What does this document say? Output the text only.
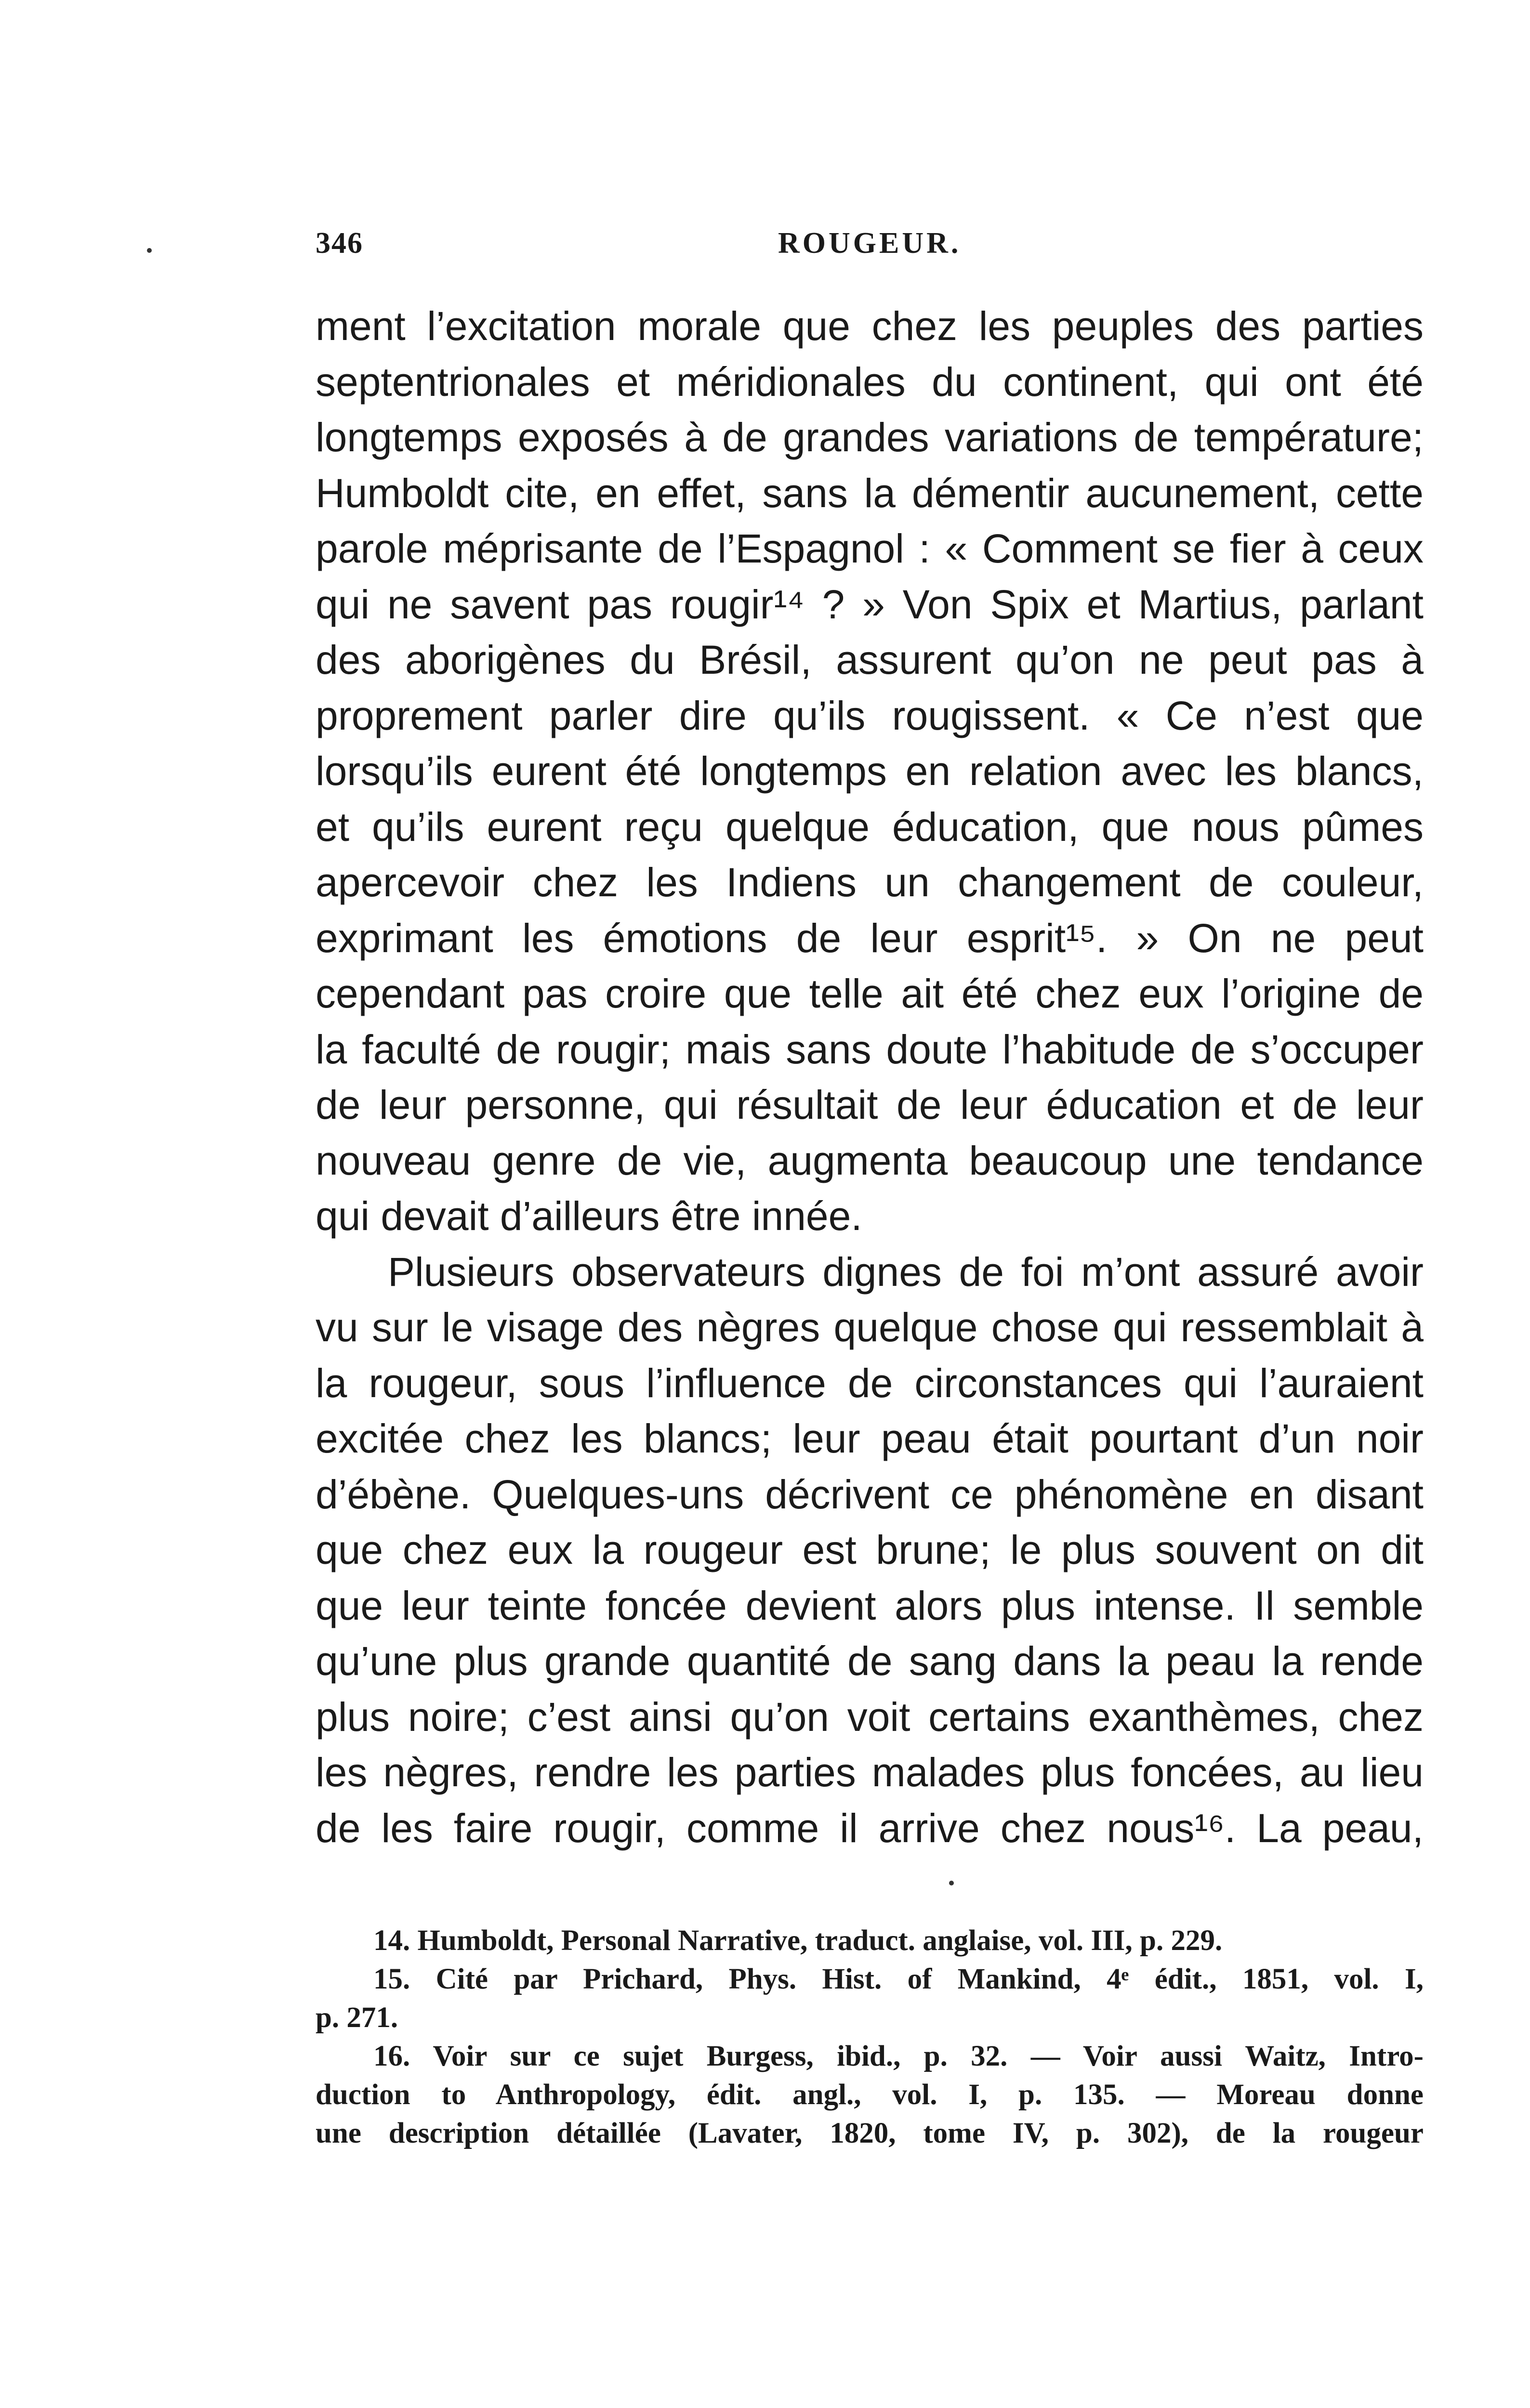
346	ROUGEUR.
ment l’excitation morale que chez les peuples des parties
septentrionales et méridionales du continent, qui ont été
longtemps exposés à de grandes variations de température;
Humboldt cite, en effet, sans la démentir aucunement, cette
parole méprisante de l’Espagnol : « Comment se fier à ceux
qui ne savent pas rougir¹⁴ ? » Von Spix et Martius, parlant
des aborigènes du Brésil, assurent qu’on ne peut pas à
proprement parler dire qu’ils rougissent. « Ce n’est que
lorsqu’ils eurent été longtemps en relation avec les blancs,
et qu’ils eurent reçu quelque éducation, que nous pûmes
apercevoir chez les Indiens un changement de couleur,
exprimant les émotions de leur esprit¹⁵. » On ne peut
cependant pas croire que telle ait été chez eux l’origine de
la faculté de rougir; mais sans doute l’habitude de s’occuper
de leur personne, qui résultait de leur éducation et de leur
nouveau genre de vie, augmenta beaucoup une tendance
qui devait d’ailleurs être innée.
Plusieurs observateurs dignes de foi m’ont assuré avoir
vu sur le visage des nègres quelque chose qui ressemblait à
la rougeur, sous l’influence de circonstances qui l’auraient
excitée chez les blancs; leur peau était pourtant d’un noir
d’ébène. Quelques-uns décrivent ce phénomène en disant
que chez eux la rougeur est brune; le plus souvent on dit
que leur teinte foncée devient alors plus intense. Il semble
qu’une plus grande quantité de sang dans la peau la rende
plus noire; c’est ainsi qu’on voit certains exanthèmes, chez
les nègres, rendre les parties malades plus foncées, au lieu
de les faire rougir, comme il arrive chez nous¹⁶. La peau,
14. Humboldt, Personal Narrative, traduct. anglaise, vol. III, p. 229.
15. Cité par Prichard, Phys. Hist. of Mankind, 4ᵉ édit., 1851, vol. I,
p. 271.
16. Voir sur ce sujet Burgess, ibid., p. 32. — Voir aussi Waitz, Intro-
duction to Anthropology, édit. angl., vol. I, p. 135. — Moreau donne
une description détaillée (Lavater, 1820, tome IV, p. 302), de la rougeur
